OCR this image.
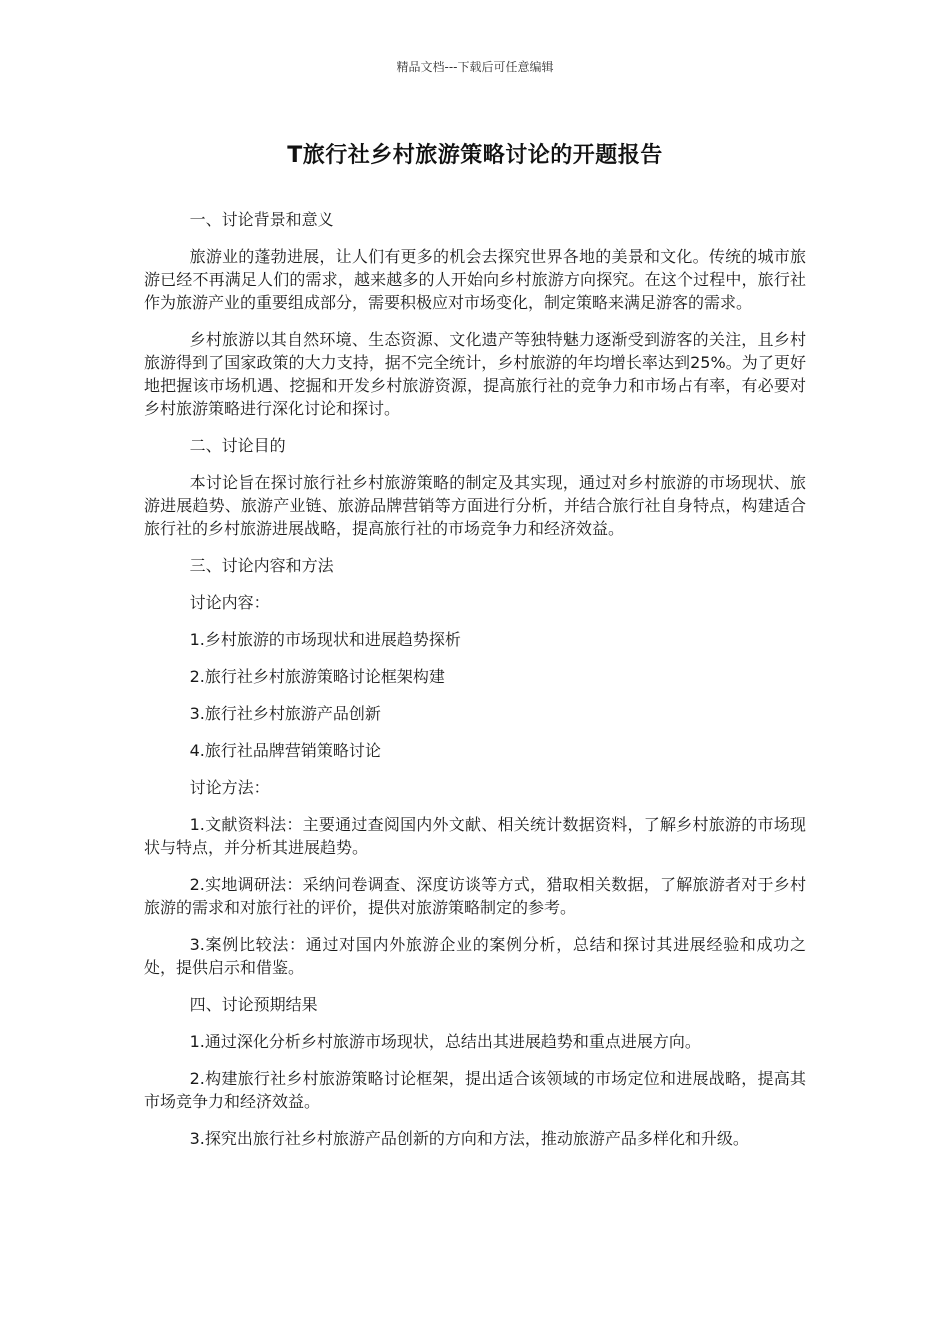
精品文档---下载后可任意编辑
T旅行社乡村旅游策略讨论的开题报告

一、讨论背景和意义

旅游业的蓬勃进展，让人们有更多的机会去探究世界各地的美景和文化。传统的城市旅游已经不再满足人们的需求，越来越多的人开始向乡村旅游方向探究。在这个过程中，旅行社作为旅游产业的重要组成部分，需要积极应对市场变化，制定策略来满足游客的需求。

乡村旅游以其自然环境、生态资源、文化遗产等独特魅力逐渐受到游客的关注，且乡村旅游得到了国家政策的大力支持，据不完全统计，乡村旅游的年均增长率达到25%。为了更好地把握该市场机遇、挖掘和开发乡村旅游资源，提高旅行社的竞争力和市场占有率，有必要对乡村旅游策略进行深化讨论和探讨。

二、讨论目的

本讨论旨在探讨旅行社乡村旅游策略的制定及其实现，通过对乡村旅游的市场现状、旅游进展趋势、旅游产业链、旅游品牌营销等方面进行分析，并结合旅行社自身特点，构建适合旅行社的乡村旅游进展战略，提高旅行社的市场竞争力和经济效益。

三、讨论内容和方法

讨论内容：

1.乡村旅游的市场现状和进展趋势探析

2.旅行社乡村旅游策略讨论框架构建

3.旅行社乡村旅游产品创新

4.旅行社品牌营销策略讨论

讨论方法：

1.文献资料法：主要通过查阅国内外文献、相关统计数据资料，了解乡村旅游的市场现状与特点，并分析其进展趋势。

2.实地调研法：采纳问卷调查、深度访谈等方式，猎取相关数据，了解旅游者对于乡村旅游的需求和对旅行社的评价，提供对旅游策略制定的参考。

3.案例比较法：通过对国内外旅游企业的案例分析，总结和探讨其进展经验和成功之处，提供启示和借鉴。

四、讨论预期结果

1.通过深化分析乡村旅游市场现状，总结出其进展趋势和重点进展方向。

2.构建旅行社乡村旅游策略讨论框架，提出适合该领域的市场定位和进展战略，提高其市场竞争力和经济效益。

3.探究出旅行社乡村旅游产品创新的方向和方法，推动旅游产品多样化和升级。
